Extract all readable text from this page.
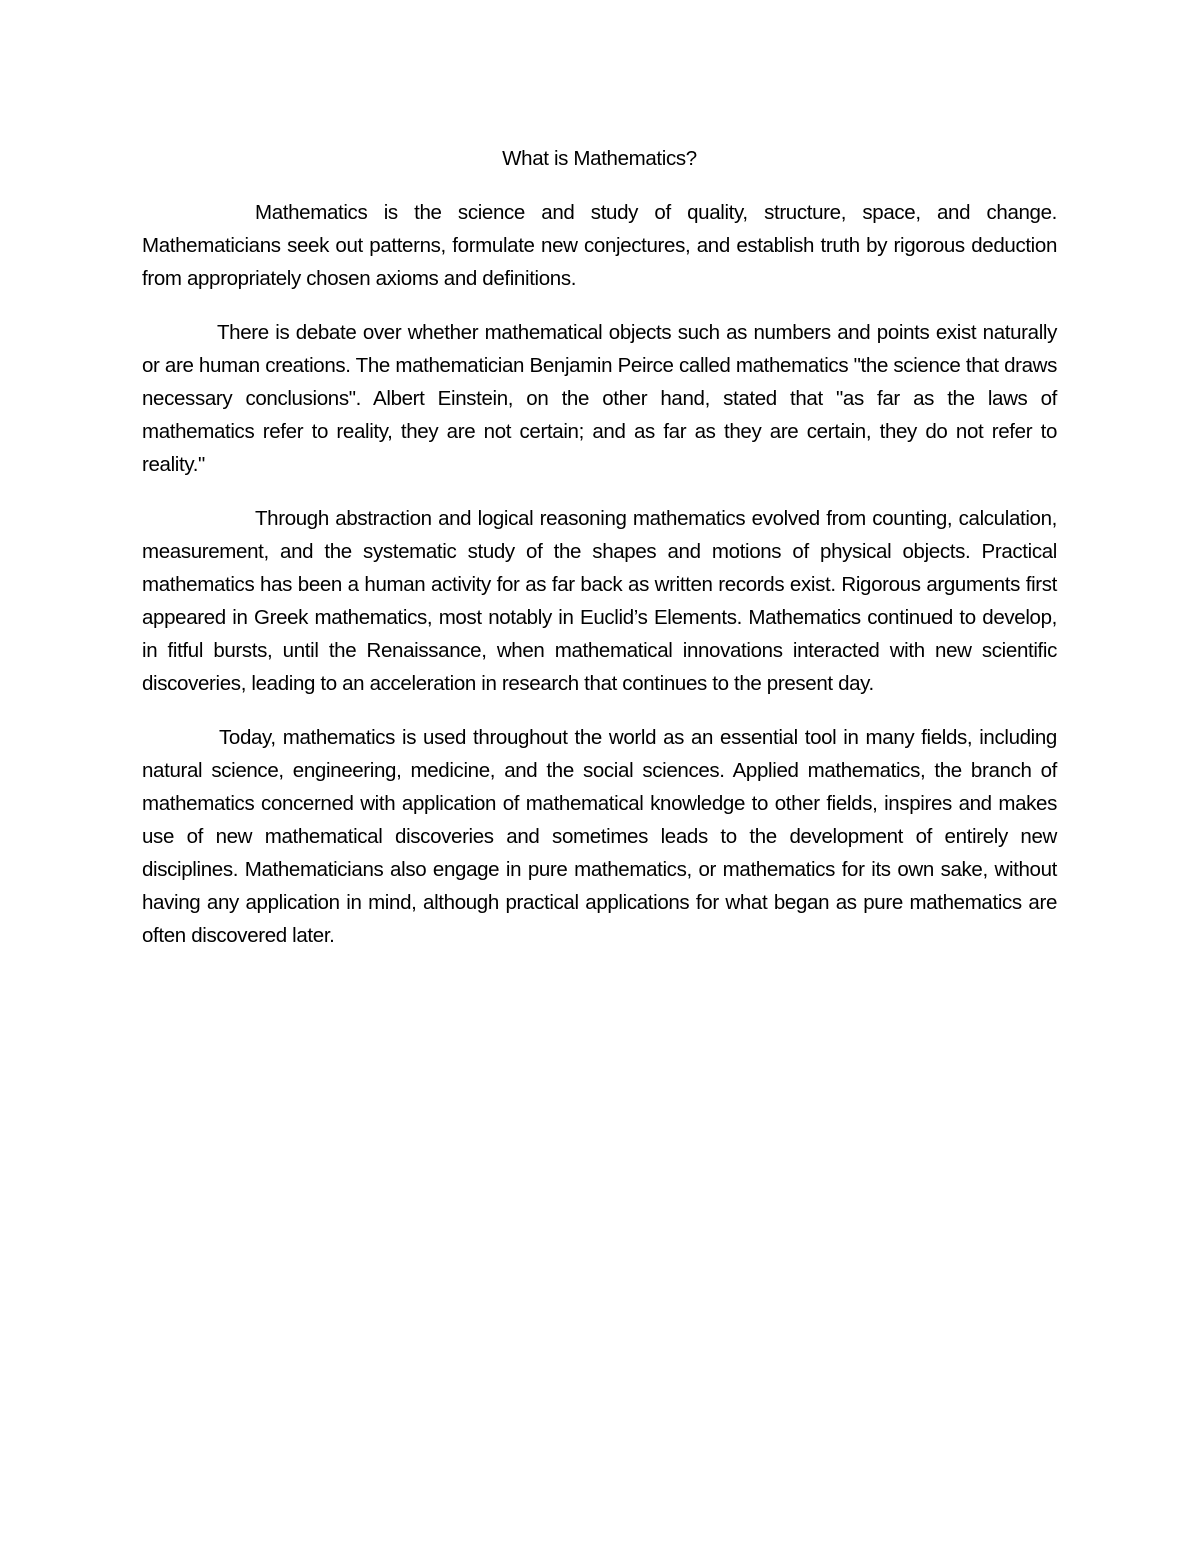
What is Mathematics?

Mathematics is the science and study of quality, structure, space, and change. Mathematicians seek out patterns, formulate new conjectures, and establish truth by rigorous deduction from appropriately chosen axioms and definitions.

There is debate over whether mathematical objects such as numbers and points exist naturally or are human creations. The mathematician Benjamin Peirce called mathematics "the science that draws necessary conclusions". Albert Einstein, on the other hand, stated that "as far as the laws of mathematics refer to reality, they are not certain; and as far as they are certain, they do not refer to reality."

Through abstraction and logical reasoning mathematics evolved from counting, calculation, measurement, and the systematic study of the shapes and motions of physical objects. Practical mathematics has been a human activity for as far back as written records exist. Rigorous arguments first appeared in Greek mathematics, most notably in Euclid’s Elements. Mathematics continued to develop, in fitful bursts, until the Renaissance, when mathematical innovations interacted with new scientific discoveries, leading to an acceleration in research that continues to the present day.

Today, mathematics is used throughout the world as an essential tool in many fields, including natural science, engineering, medicine, and the social sciences. Applied mathematics, the branch of mathematics concerned with application of mathematical knowledge to other fields, inspires and makes use of new mathematical discoveries and sometimes leads to the development of entirely new disciplines. Mathematicians also engage in pure mathematics, or mathematics for its own sake, without having any application in mind, although practical applications for what began as pure mathematics are often discovered later.
